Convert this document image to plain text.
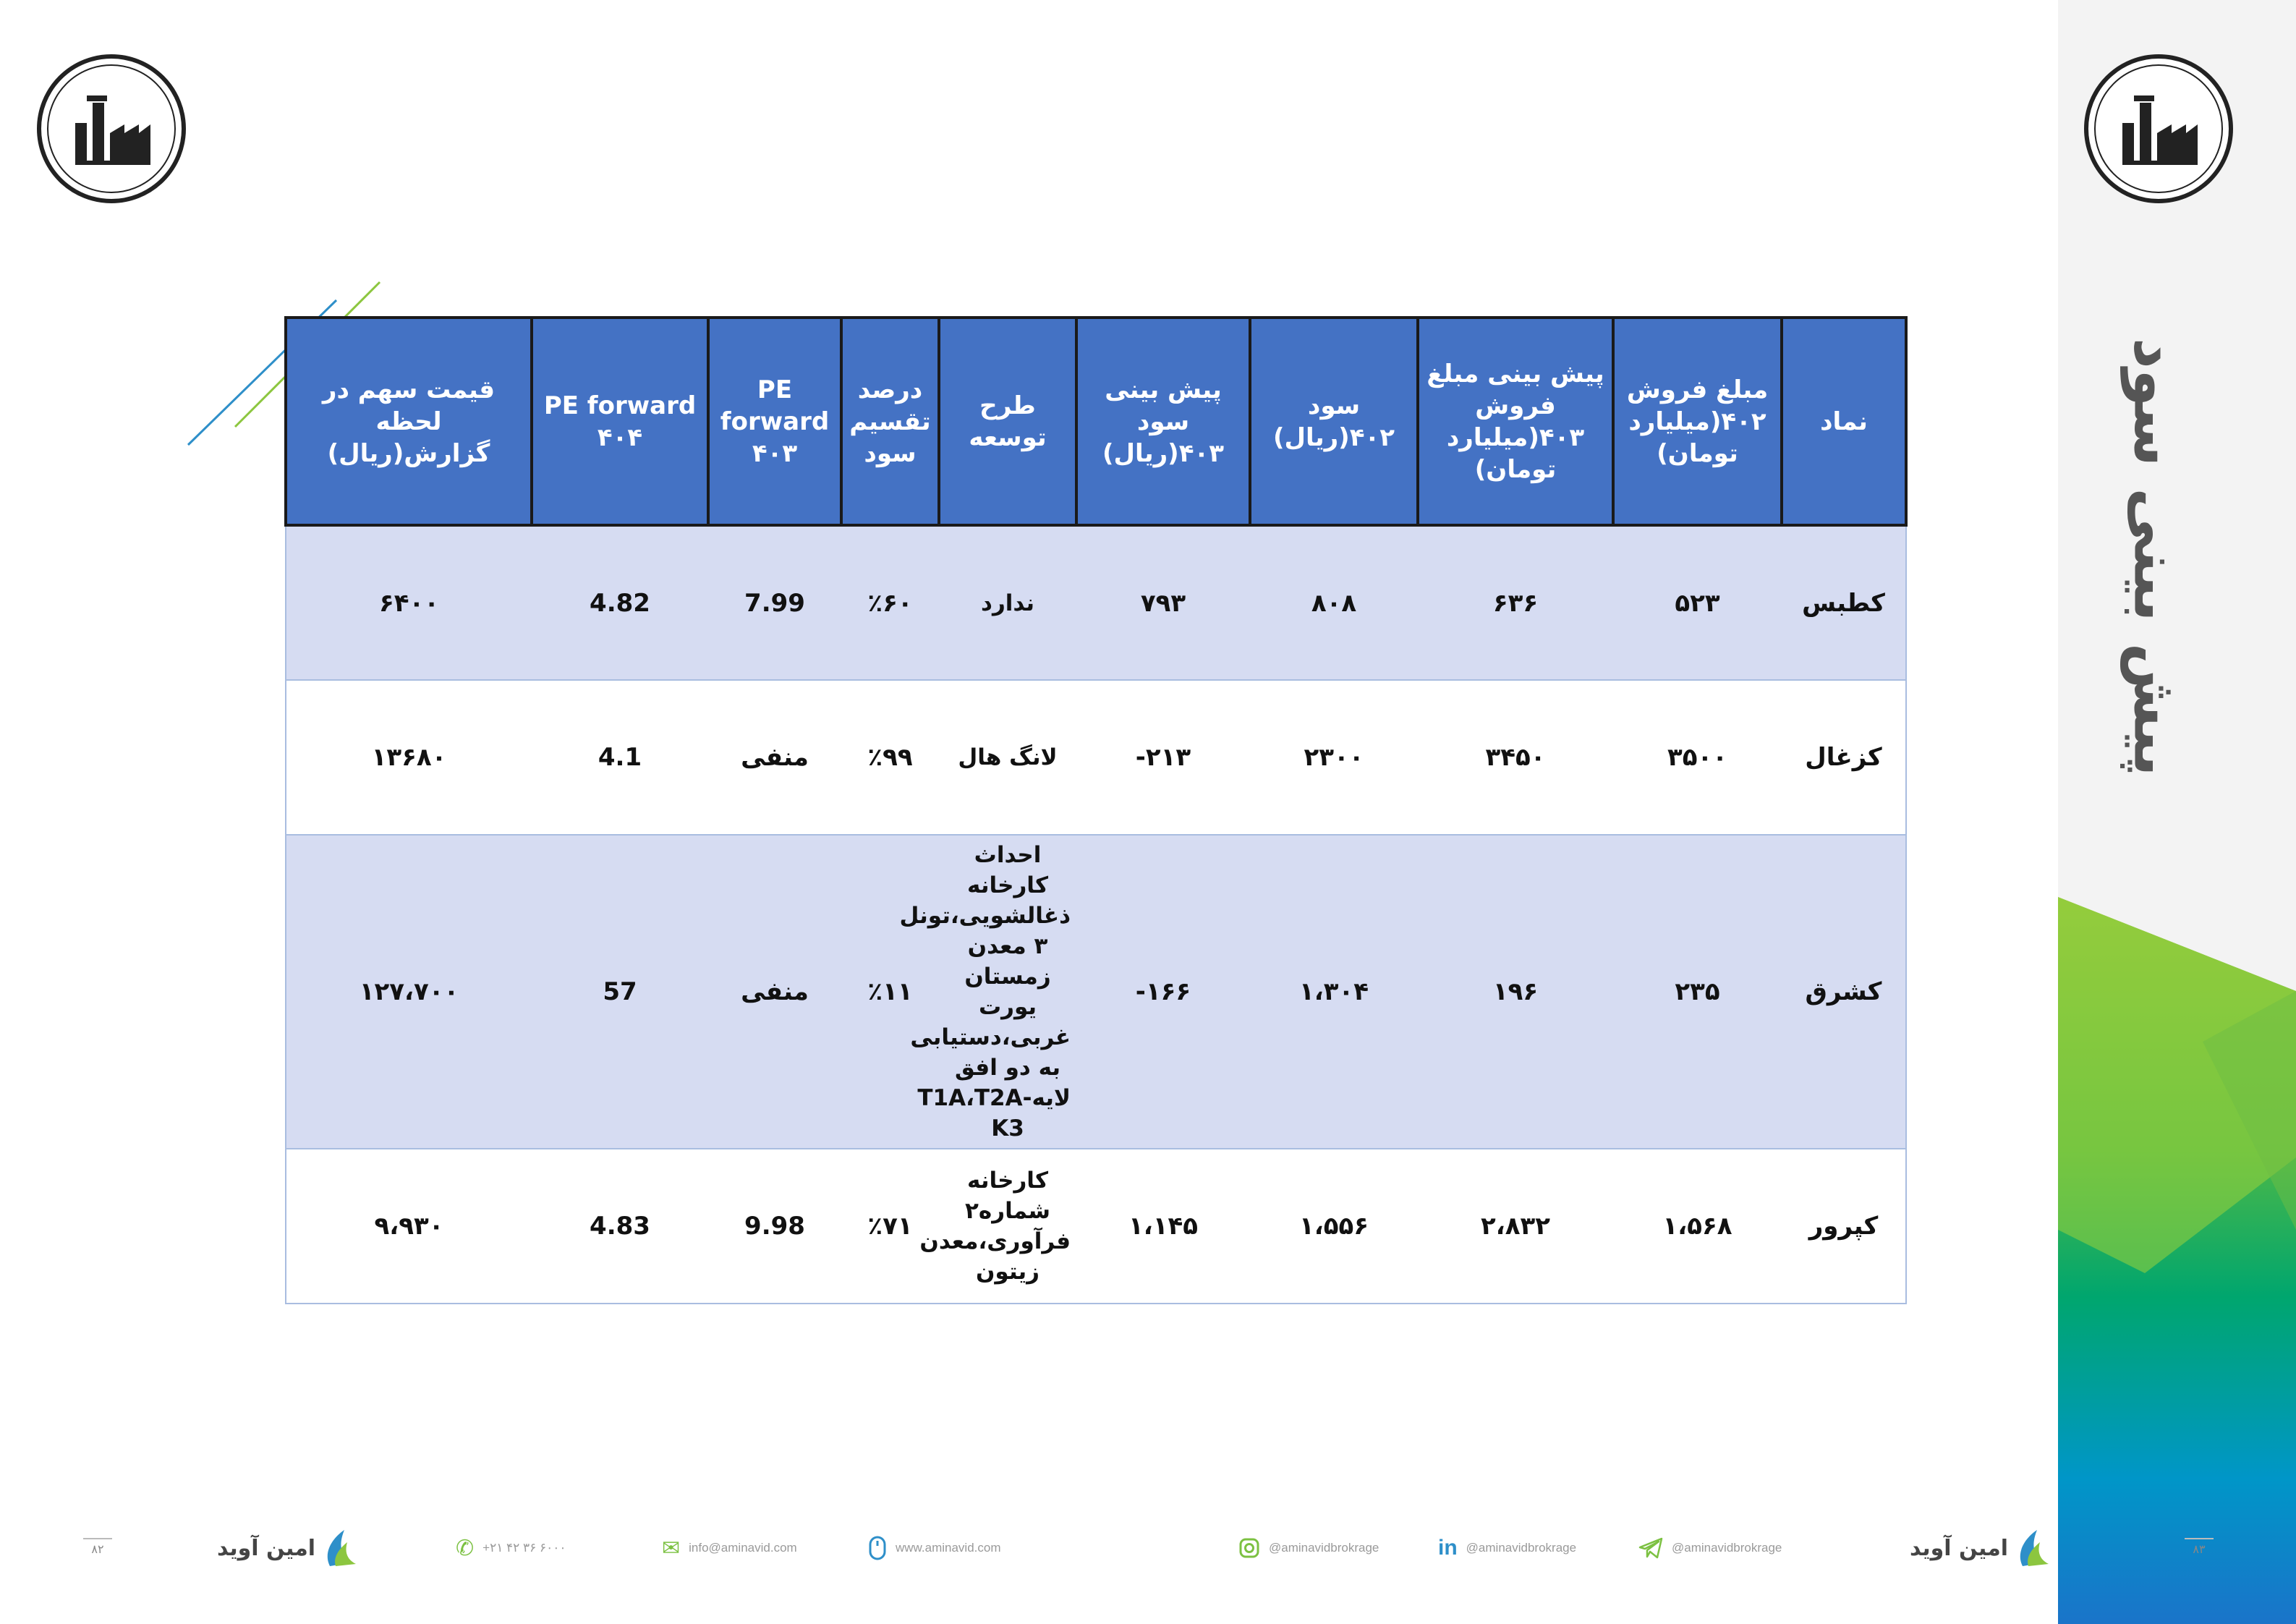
پیش بینی سود
نماد	مبلغ فروش ۴۰۲(میلیارد تومان)	پیش بینی مبلغ فروش ۴۰۳(میلیارد تومان)	سود ۴۰۲(ریال)	پیش بینی سود ۴۰۳(ریال)	طرح توسعه	درصد تقسیم سود	PE forward ۴۰۳	PE forward ۴۰۴	قیمت سهم در لحظه گزارش(ریال)
کطبس	۵۲۳	۶۳۶	۸۰۸	۷۹۳	ندارد	٪۶۰	7.99	4.82	۶۴۰۰
کزغال	۳۵۰۰	۳۴۵۰	۲۳۰۰	۲۱۳-	لانگ هال	٪۹۹	منفی	4.1	۱۳۶۸۰
کشرق	۲۳۵	۱۹۶	۱،۳۰۴	۱۶۶-	احداث کارخانه ذغالشویی،تونل ۳ معدن زمستان یورت غربی،دستیابی به دو افق لایهT1A،T2A-K3	٪۱۱	منفی	57	۱۲۷،۷۰۰
کپرور	۱،۵۶۸	۲،۸۳۲	۱،۵۵۶	۱،۱۴۵	کارخانه شماره۲ فرآوری،معدن زیتون	٪۷۱	9.98	4.83	۹،۹۳۰
امین آوید	✆ +۲۱ ۴۲ ۳۶ ۶۰۰۰	✉ info@aminavid.com	www.aminavid.com	@aminavidbrokrage	in @aminavidbrokrage	@aminavidbrokrage	امین آوید
۸۲	۸۳
